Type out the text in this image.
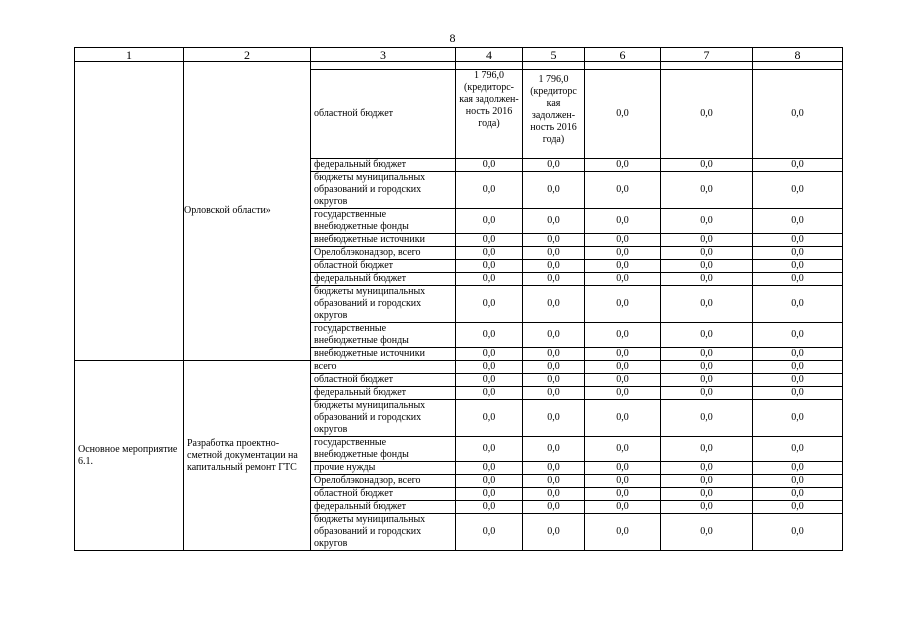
8
1	2	3	4	5	6	7	8
	Орловской области»						
		областной бюджет	1 796,0 (кредиторс-кая задолжен-ность 2016 года)	1 796,0 (кредиторс кая задолжен-ность 2016 года)	0,0	0,0	0,0
		федеральный бюджет	0,0	0,0	0,0	0,0	0,0
		бюджеты муниципальных образований и городских округов	0,0	0,0	0,0	0,0	0,0
		государственные внебюджетные фонды	0,0	0,0	0,0	0,0	0,0
		внебюджетные источники	0,0	0,0	0,0	0,0	0,0
		Орелоблэконадзор, всего	0,0	0,0	0,0	0,0	0,0
		областной бюджет	0,0	0,0	0,0	0,0	0,0
		федеральный бюджет	0,0	0,0	0,0	0,0	0,0
		бюджеты муниципальных образований и городских округов	0,0	0,0	0,0	0,0	0,0
		государственные внебюджетные фонды	0,0	0,0	0,0	0,0	0,0
		внебюджетные источники	0,0	0,0	0,0	0,0	0,0
Основное мероприятие 6.1.	Разработка проектно-сметной документации на капитальный ремонт ГТС	всего	0,0	0,0	0,0	0,0	0,0
		областной бюджет	0,0	0,0	0,0	0,0	0,0
		федеральный бюджет	0,0	0,0	0,0	0,0	0,0
		бюджеты муниципальных образований и городских округов	0,0	0,0	0,0	0,0	0,0
		государственные внебюджетные фонды	0,0	0,0	0,0	0,0	0,0
		прочие нужды	0,0	0,0	0,0	0,0	0,0
		Орелоблэконадзор, всего	0,0	0,0	0,0	0,0	0,0
		областной бюджет	0,0	0,0	0,0	0,0	0,0
		федеральный бюджет	0,0	0,0	0,0	0,0	0,0
		бюджеты муниципальных образований и городских округов	0,0	0,0	0,0	0,0	0,0
